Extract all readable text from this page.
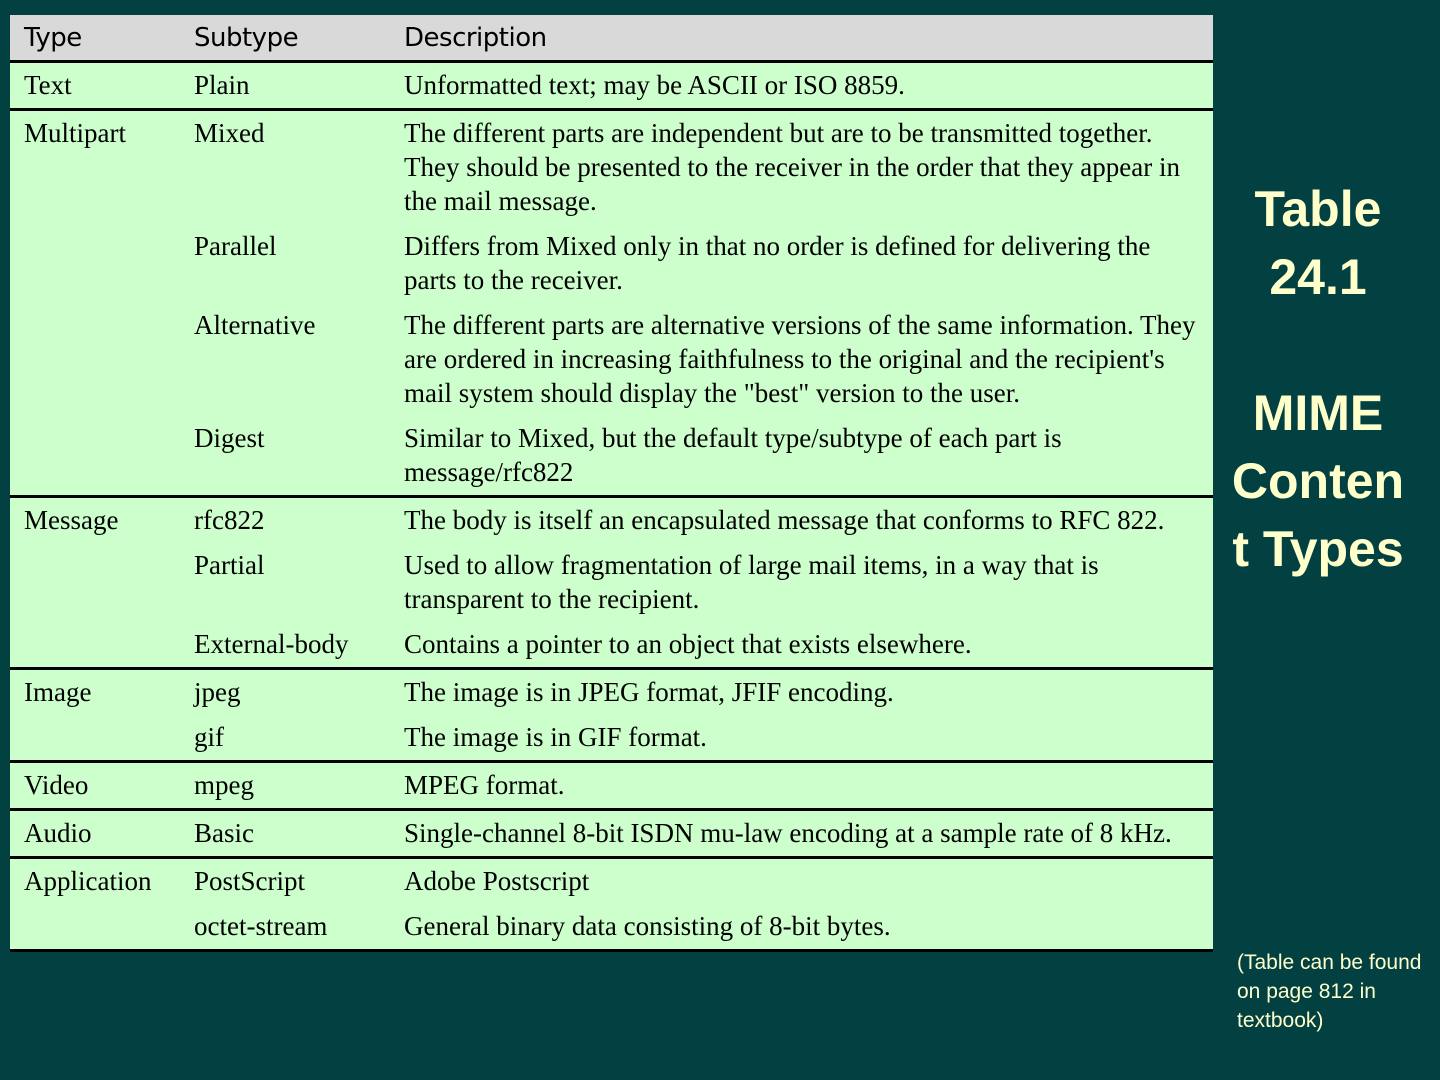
Type	Subtype	Description
Text	Plain	Unformatted text; may be ASCII or ISO 8859.
Multipart	Mixed	The different parts are independent but are to be transmitted together. They should be presented to the receiver in the order that they appear in the mail message.
	Parallel	Differs from Mixed only in that no order is defined for delivering the parts to the receiver.
	Alternative	The different parts are alternative versions of the same information. They are ordered in increasing faithfulness to the original and the recipient's mail system should display the "best" version to the user.
	Digest	Similar to Mixed, but the default type/subtype of each part is message/rfc822
Message	rfc822	The body is itself an encapsulated message that conforms to RFC 822.
	Partial	Used to allow fragmentation of large mail items, in a way that is transparent to the recipient.
	External-body	Contains a pointer to an object that exists elsewhere.
Image	jpeg	The image is in JPEG format, JFIF encoding.
	gif	The image is in GIF format.
Video	mpeg	MPEG format.
Audio	Basic	Single-channel 8-bit ISDN mu-law encoding at a sample rate of 8 kHz.
Application	PostScript	Adobe Postscript
	octet-stream	General binary data consisting of 8-bit bytes.
Table
24.1
MIME
Conten
t Types
(Table can be found on page 812 in textbook)
